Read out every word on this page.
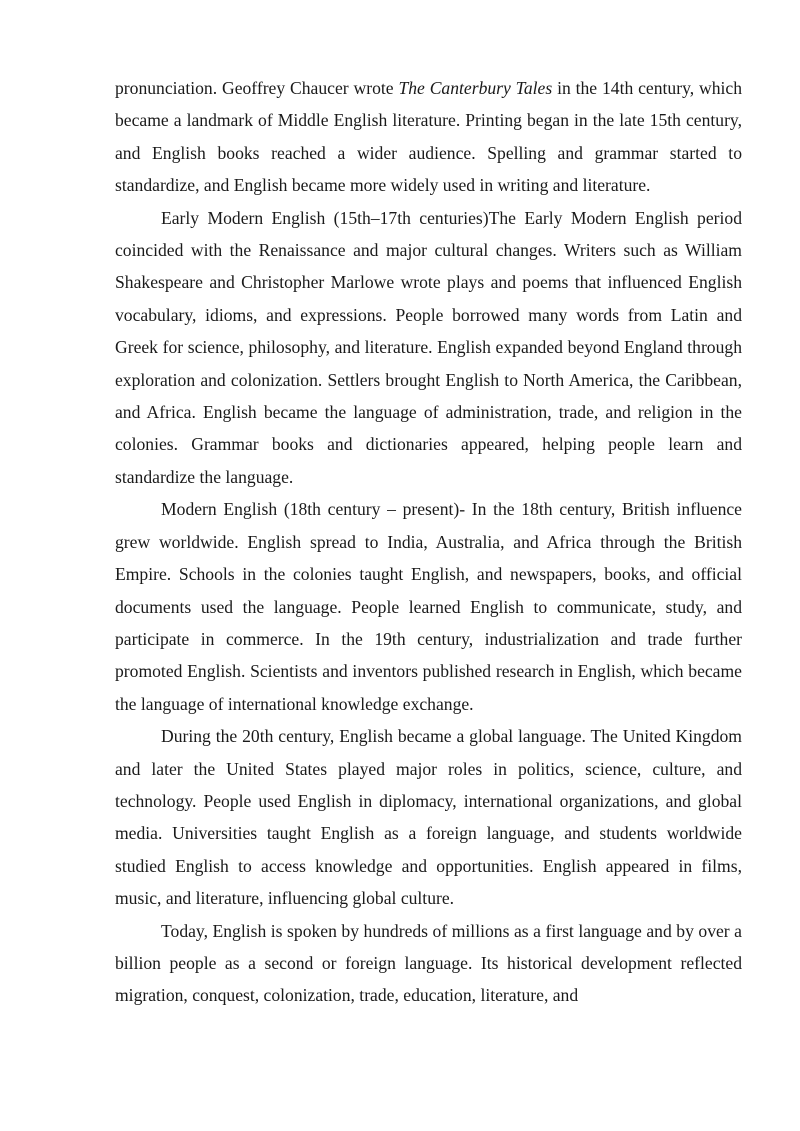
pronunciation. Geoffrey Chaucer wrote The Canterbury Tales in the 14th century, which became a landmark of Middle English literature. Printing began in the late 15th century, and English books reached a wider audience. Spelling and grammar started to standardize, and English became more widely used in writing and literature.

Early Modern English (15th–17th centuries)The Early Modern English period coincided with the Renaissance and major cultural changes. Writers such as William Shakespeare and Christopher Marlowe wrote plays and poems that influenced English vocabulary, idioms, and expressions. People borrowed many words from Latin and Greek for science, philosophy, and literature. English expanded beyond England through exploration and colonization. Settlers brought English to North America, the Caribbean, and Africa. English became the language of administration, trade, and religion in the colonies. Grammar books and dictionaries appeared, helping people learn and standardize the language.

Modern English (18th century – present)- In the 18th century, British influence grew worldwide. English spread to India, Australia, and Africa through the British Empire. Schools in the colonies taught English, and newspapers, books, and official documents used the language. People learned English to communicate, study, and participate in commerce. In the 19th century, industrialization and trade further promoted English. Scientists and inventors published research in English, which became the language of international knowledge exchange.

During the 20th century, English became a global language. The United Kingdom and later the United States played major roles in politics, science, culture, and technology. People used English in diplomacy, international organizations, and global media. Universities taught English as a foreign language, and students worldwide studied English to access knowledge and opportunities. English appeared in films, music, and literature, influencing global culture.

Today, English is spoken by hundreds of millions as a first language and by over a billion people as a second or foreign language. Its historical development reflected migration, conquest, colonization, trade, education, literature, and
